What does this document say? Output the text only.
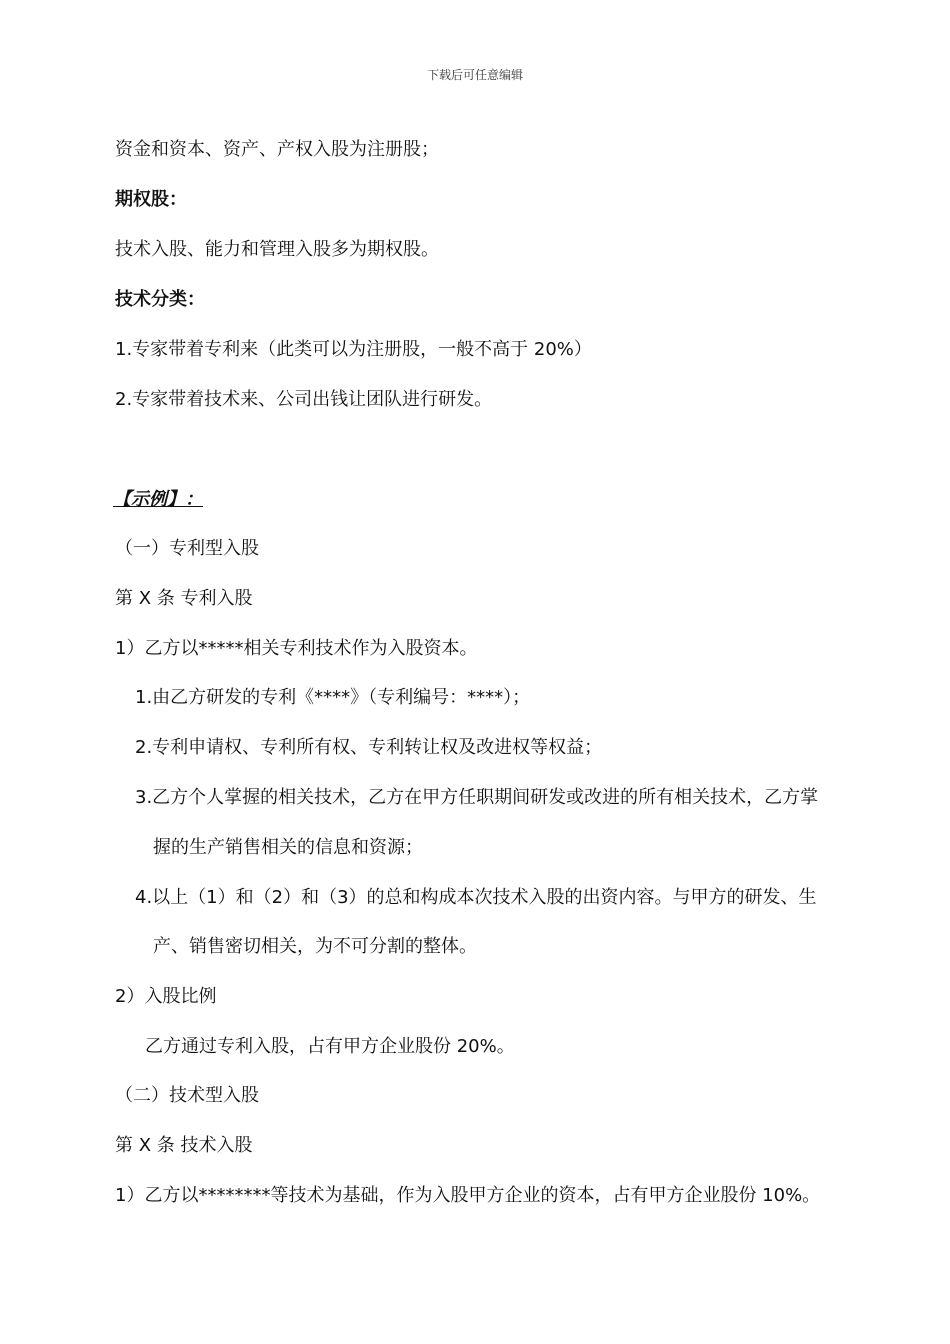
下载后可任意编辑
资金和资本、资产、产权入股为注册股；
期权股：
技术入股、能力和管理入股多为期权股。
技术分类：
1.专家带着专利来（此类可以为注册股，一般不高于 20%）
2.专家带着技术来、公司出钱让团队进行研发。
【示例】：
（一）专利型入股
第 X 条 专利入股
1）乙方以*****相关专利技术作为入股资本。
1.由乙方研发的专利《****》（专利编号：****）；
2.专利申请权、专利所有权、专利转让权及改进权等权益；
3.乙方个人掌握的相关技术，乙方在甲方任职期间研发或改进的所有相关技术，乙方掌
握的生产销售相关的信息和资源；
4.以上（1）和（2）和（3）的总和构成本次技术入股的出资内容。与甲方的研发、生
产、销售密切相关，为不可分割的整体。
2）入股比例
乙方通过专利入股，占有甲方企业股份 20%。
（二）技术型入股
第 X 条 技术入股
1）乙方以********等技术为基础，作为入股甲方企业的资本，占有甲方企业股份 10%。
